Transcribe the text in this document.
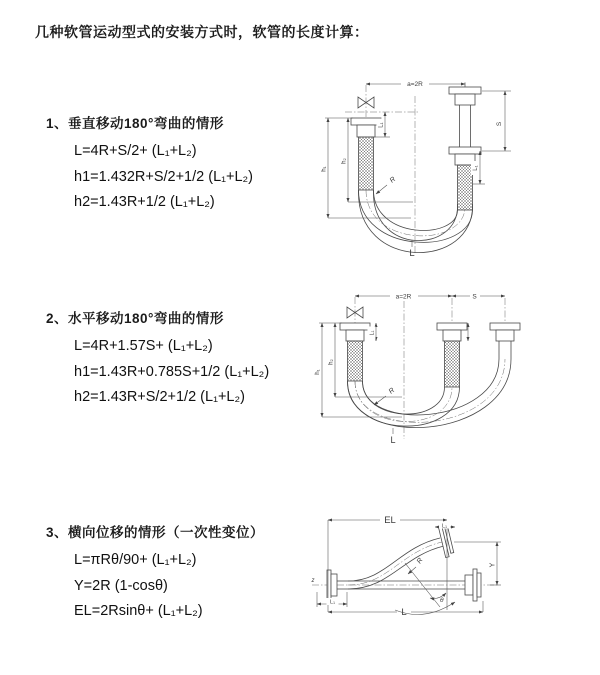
几种软管运动型式的安装方式时，软管的长度计算：
1、垂直移动180°弯曲的情形
L=4R+S/2+ (L₁+L₂)
h1=1.432R+S/2+1/2 (L₁+L₂)
h2=1.43R+1/2 (L₁+L₂)
2、水平移动180°弯曲的情形
L=4R+1.57S+ (L₁+L₂)
h1=1.43R+0.785S+1/2 (L₁+L₂)
h2=1.43R+S/2+1/2 (L₁+L₂)
3、横向位移的情形（一次性变位）
L=πRθ/90+ (L₁+L₂)
Y=2R (1-cosθ)
EL=2Rsinθ+ (L₁+L₂)
R
a=2R
S
L₁
L₁
h₂
h₁
L
a=2R	S
R
L₁
h₂
h₁
L
z
EL
L₁
Y
L
L₁
R
θ
